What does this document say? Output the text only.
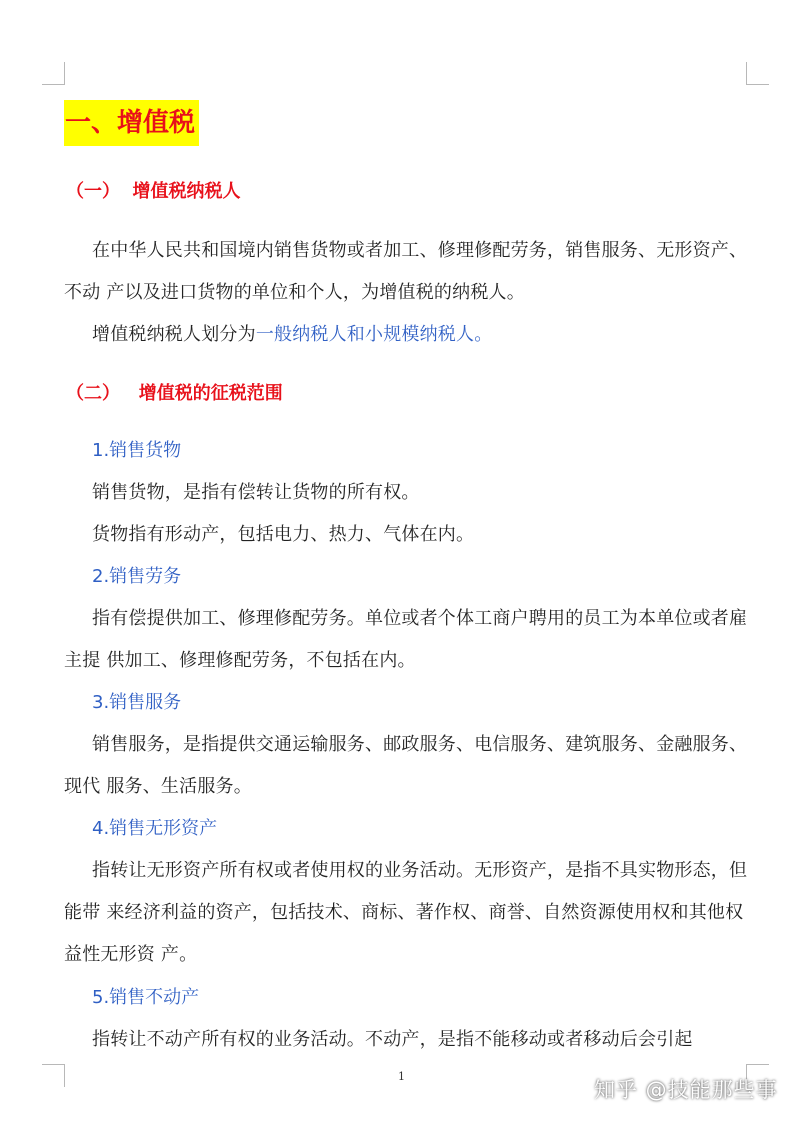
一、增值税
（一）  增值税纳税人
在中华人民共和国境内销售货物或者加工、修理修配劳务，销售服务、无形资产、不动 产以及进口货物的单位和个人，为增值税的纳税人。
增值税纳税人划分为一般纳税人和小规模纳税人。
（二）   增值税的征税范围
1.销售货物
销售货物，是指有偿转让货物的所有权。
货物指有形动产，包括电力、热力、气体在内。
2.销售劳务
指有偿提供加工、修理修配劳务。单位或者个体工商户聘用的员工为本单位或者雇主提 供加工、修理修配劳务，不包括在内。
3.销售服务
销售服务，是指提供交通运输服务、邮政服务、电信服务、建筑服务、金融服务、现代 服务、生活服务。
4.销售无形资产
指转让无形资产所有权或者使用权的业务活动。无形资产，是指不具实物形态，但能带 来经济利益的资产，包括技术、商标、著作权、商誉、自然资源使用权和其他权益性无形资 产。
5.销售不动产
指转让不动产所有权的业务活动。不动产，是指不能移动或者移动后会引起
1
知乎 @技能那些事
